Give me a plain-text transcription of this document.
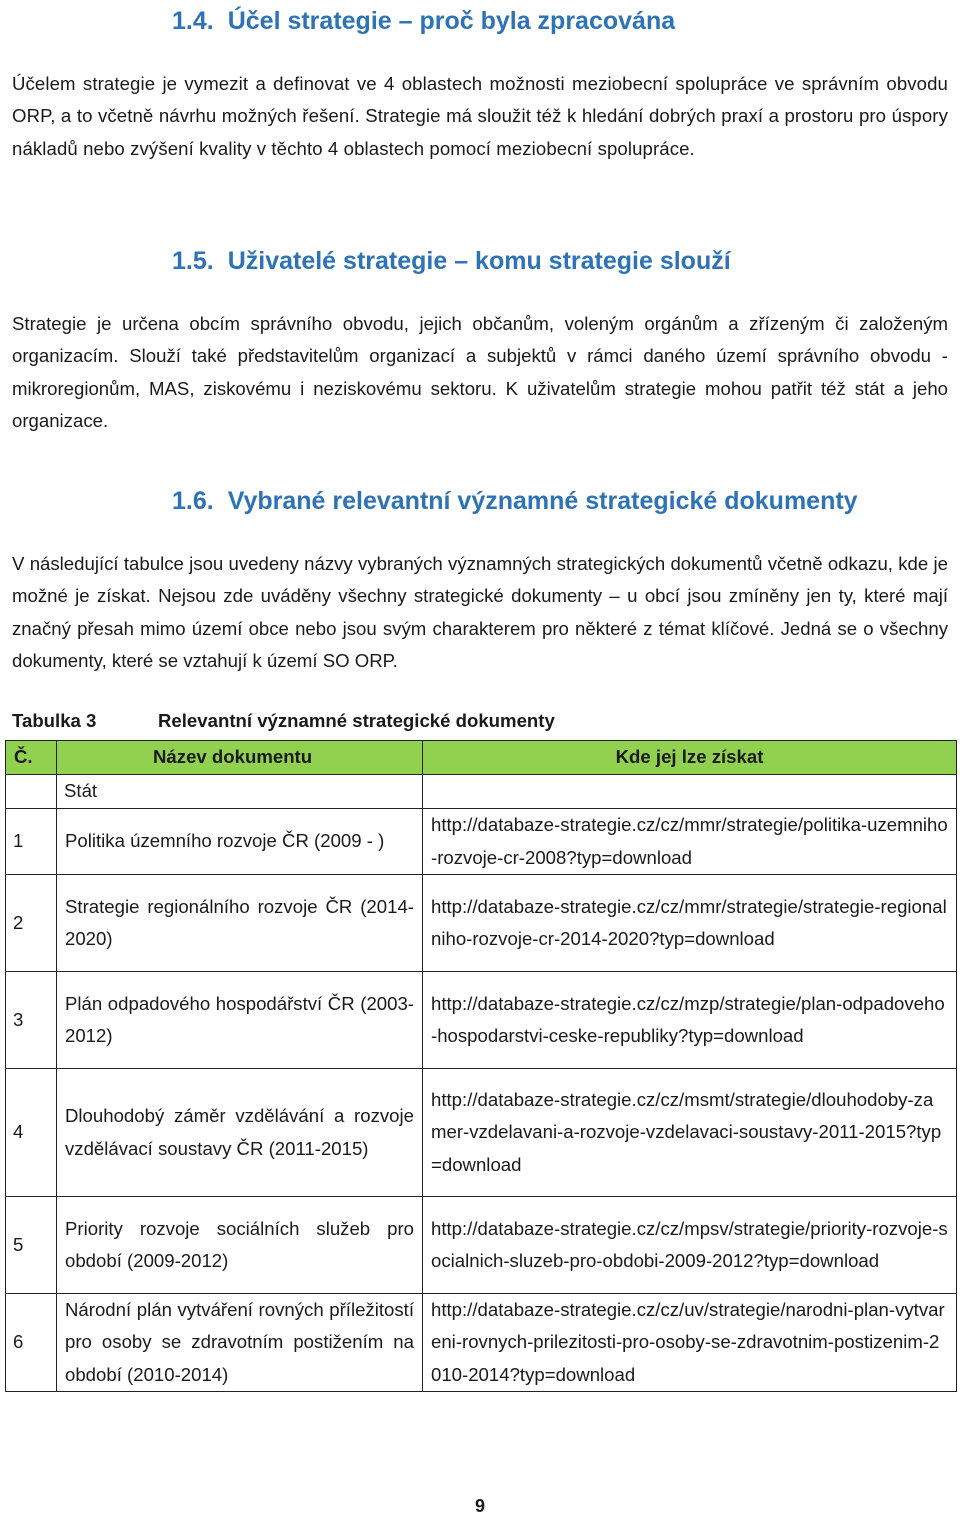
1.4. Účel strategie – proč byla zpracována

Účelem strategie je vymezit a definovat ve 4 oblastech možnosti meziobecní spolupráce ve správním obvodu ORP, a to včetně návrhu možných řešení. Strategie má sloužit též k hledání dobrých praxí a prostoru pro úspory nákladů nebo zvýšení kvality v těchto 4 oblastech pomocí meziobecní spolupráce.

1.5. Uživatelé strategie – komu strategie slouží

Strategie je určena obcím správního obvodu, jejich občanům, voleným orgánům a zřízeným či založeným organizacím. Slouží také představitelům organizací a subjektů v rámci daného území správního obvodu - mikroregionům, MAS, ziskovému i neziskovému sektoru. K uživatelům strategie mohou patřit též stát a jeho organizace.

1.6. Vybrané relevantní významné strategické dokumenty

V následující tabulce jsou uvedeny názvy vybraných významných strategických dokumentů včetně odkazu, kde je možné je získat. Nejsou zde uváděny všechny strategické dokumenty – u obcí jsou zmíněny jen ty, které mají značný přesah mimo území obce nebo jsou svým charakterem pro některé z témat klíčové. Jedná se o všechny dokumenty, které se vztahují k území SO ORP.

Tabulka 3	Relevantní významné strategické dokumenty
Č.	Název dokumentu	Kde jej lze získat
	Stát	
1	Politika územního rozvoje ČR (2009 - )	http://databaze-strategie.cz/cz/mmr/strategie/politika-uzemniho-rozvoje-cr-2008?typ=download
2	Strategie regionálního rozvoje ČR (2014-2020)	http://databaze-strategie.cz/cz/mmr/strategie/strategie-regionalniho-rozvoje-cr-2014-2020?typ=download
3	Plán odpadového hospodářství ČR (2003-2012)	http://databaze-strategie.cz/cz/mzp/strategie/plan-odpadoveho-hospodarstvi-ceske-republiky?typ=download
4	Dlouhodobý záměr vzdělávání a rozvoje vzdělávací soustavy ČR (2011-2015)	http://databaze-strategie.cz/cz/msmt/strategie/dlouhodoby-zamer-vzdelavani-a-rozvoje-vzdelavaci-soustavy-2011-2015?typ=download
5	Priority rozvoje sociálních služeb pro období (2009-2012)	http://databaze-strategie.cz/cz/mpsv/strategie/priority-rozvoje-socialnich-sluzeb-pro-obdobi-2009-2012?typ=download
6	Národní plán vytváření rovných příležitostí pro osoby se zdravotním postižením na období (2010-2014)	http://databaze-strategie.cz/cz/uv/strategie/narodni-plan-vytvareni-rovnych-prilezitosti-pro-osoby-se-zdravotnim-postizenim-2010-2014?typ=download
9
